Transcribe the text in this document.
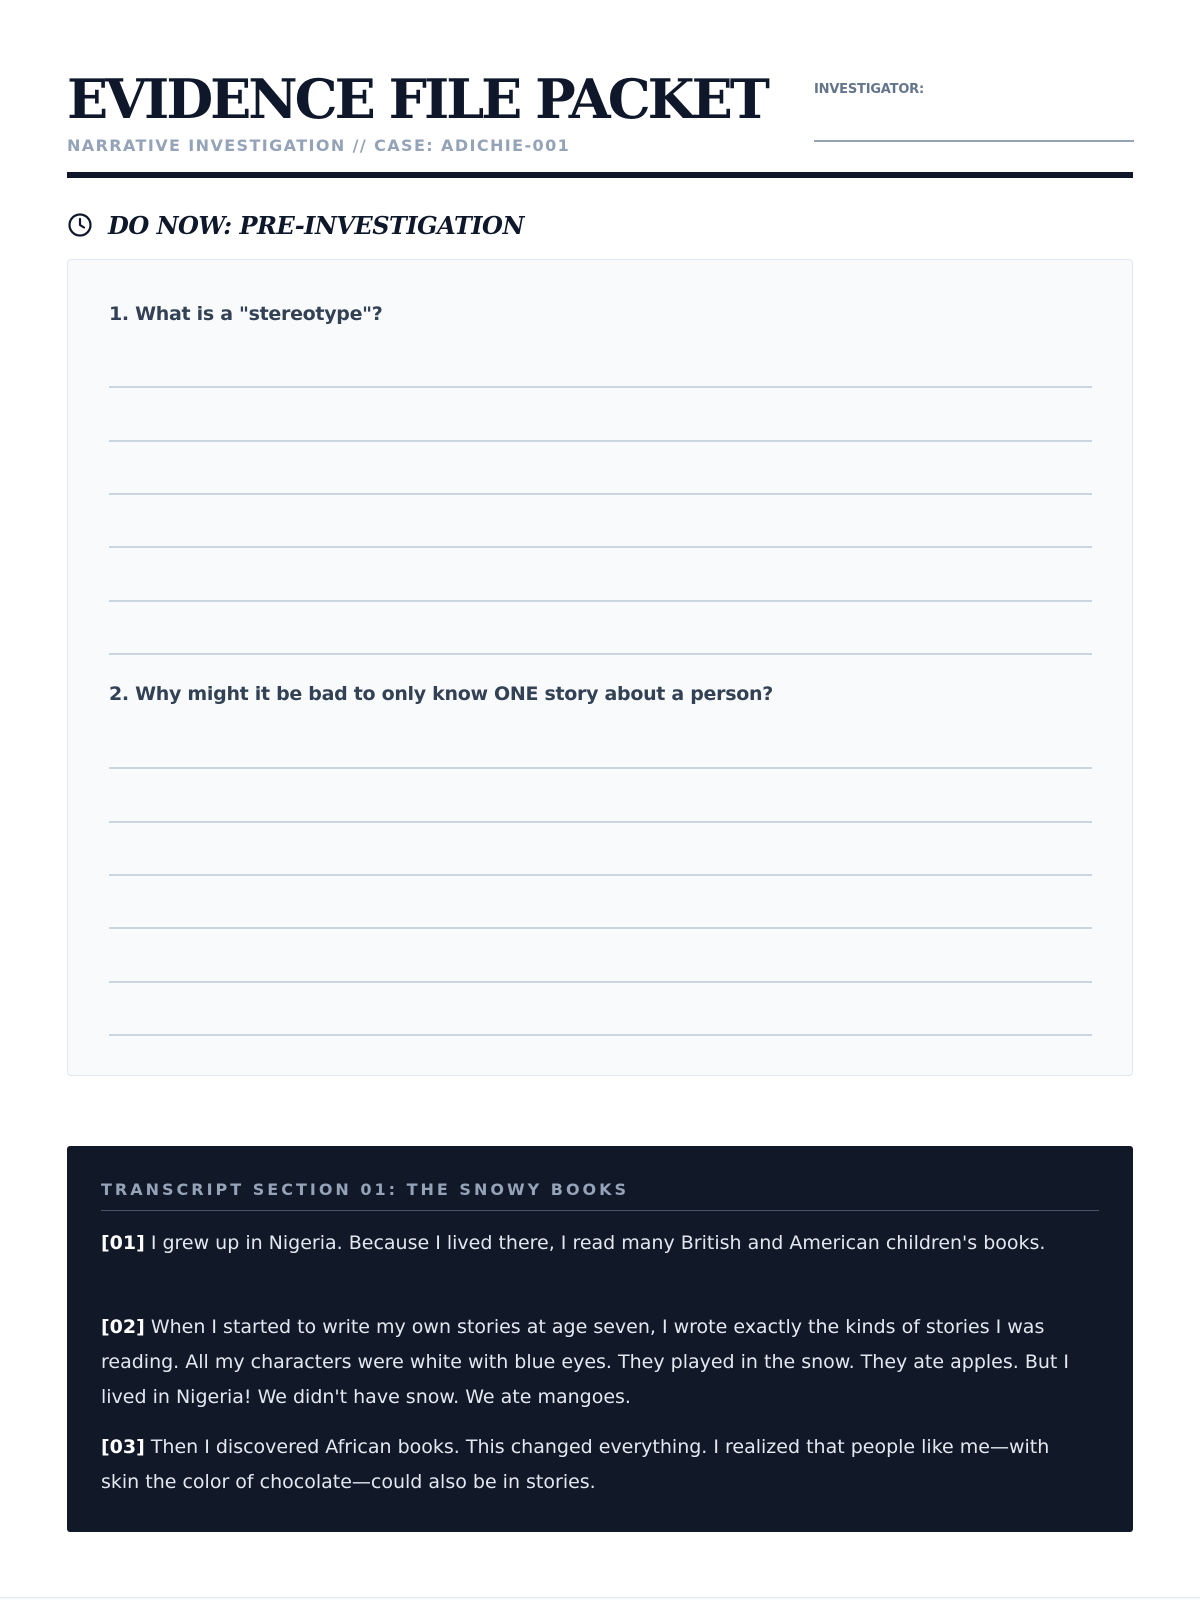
EVIDENCE FILE PACKET
NARRATIVE INVESTIGATION // CASE: ADICHIE-001
INVESTIGATOR:
DO NOW: PRE-INVESTIGATION
1. What is a "stereotype"?
2. Why might it be bad to only know ONE story about a person?
TRANSCRIPT SECTION 01: THE SNOWY BOOKS

[01] I grew up in Nigeria. Because I lived there, I read many British and American children's books.

[02] When I started to write my own stories at age seven, I wrote exactly the kinds of stories I was reading. All my characters were white with blue eyes. They played in the snow. They ate apples. But I lived in Nigeria! We didn't have snow. We ate mangoes.

[03] Then I discovered African books. This changed everything. I realized that people like me—with skin the color of chocolate—could also be in stories.
